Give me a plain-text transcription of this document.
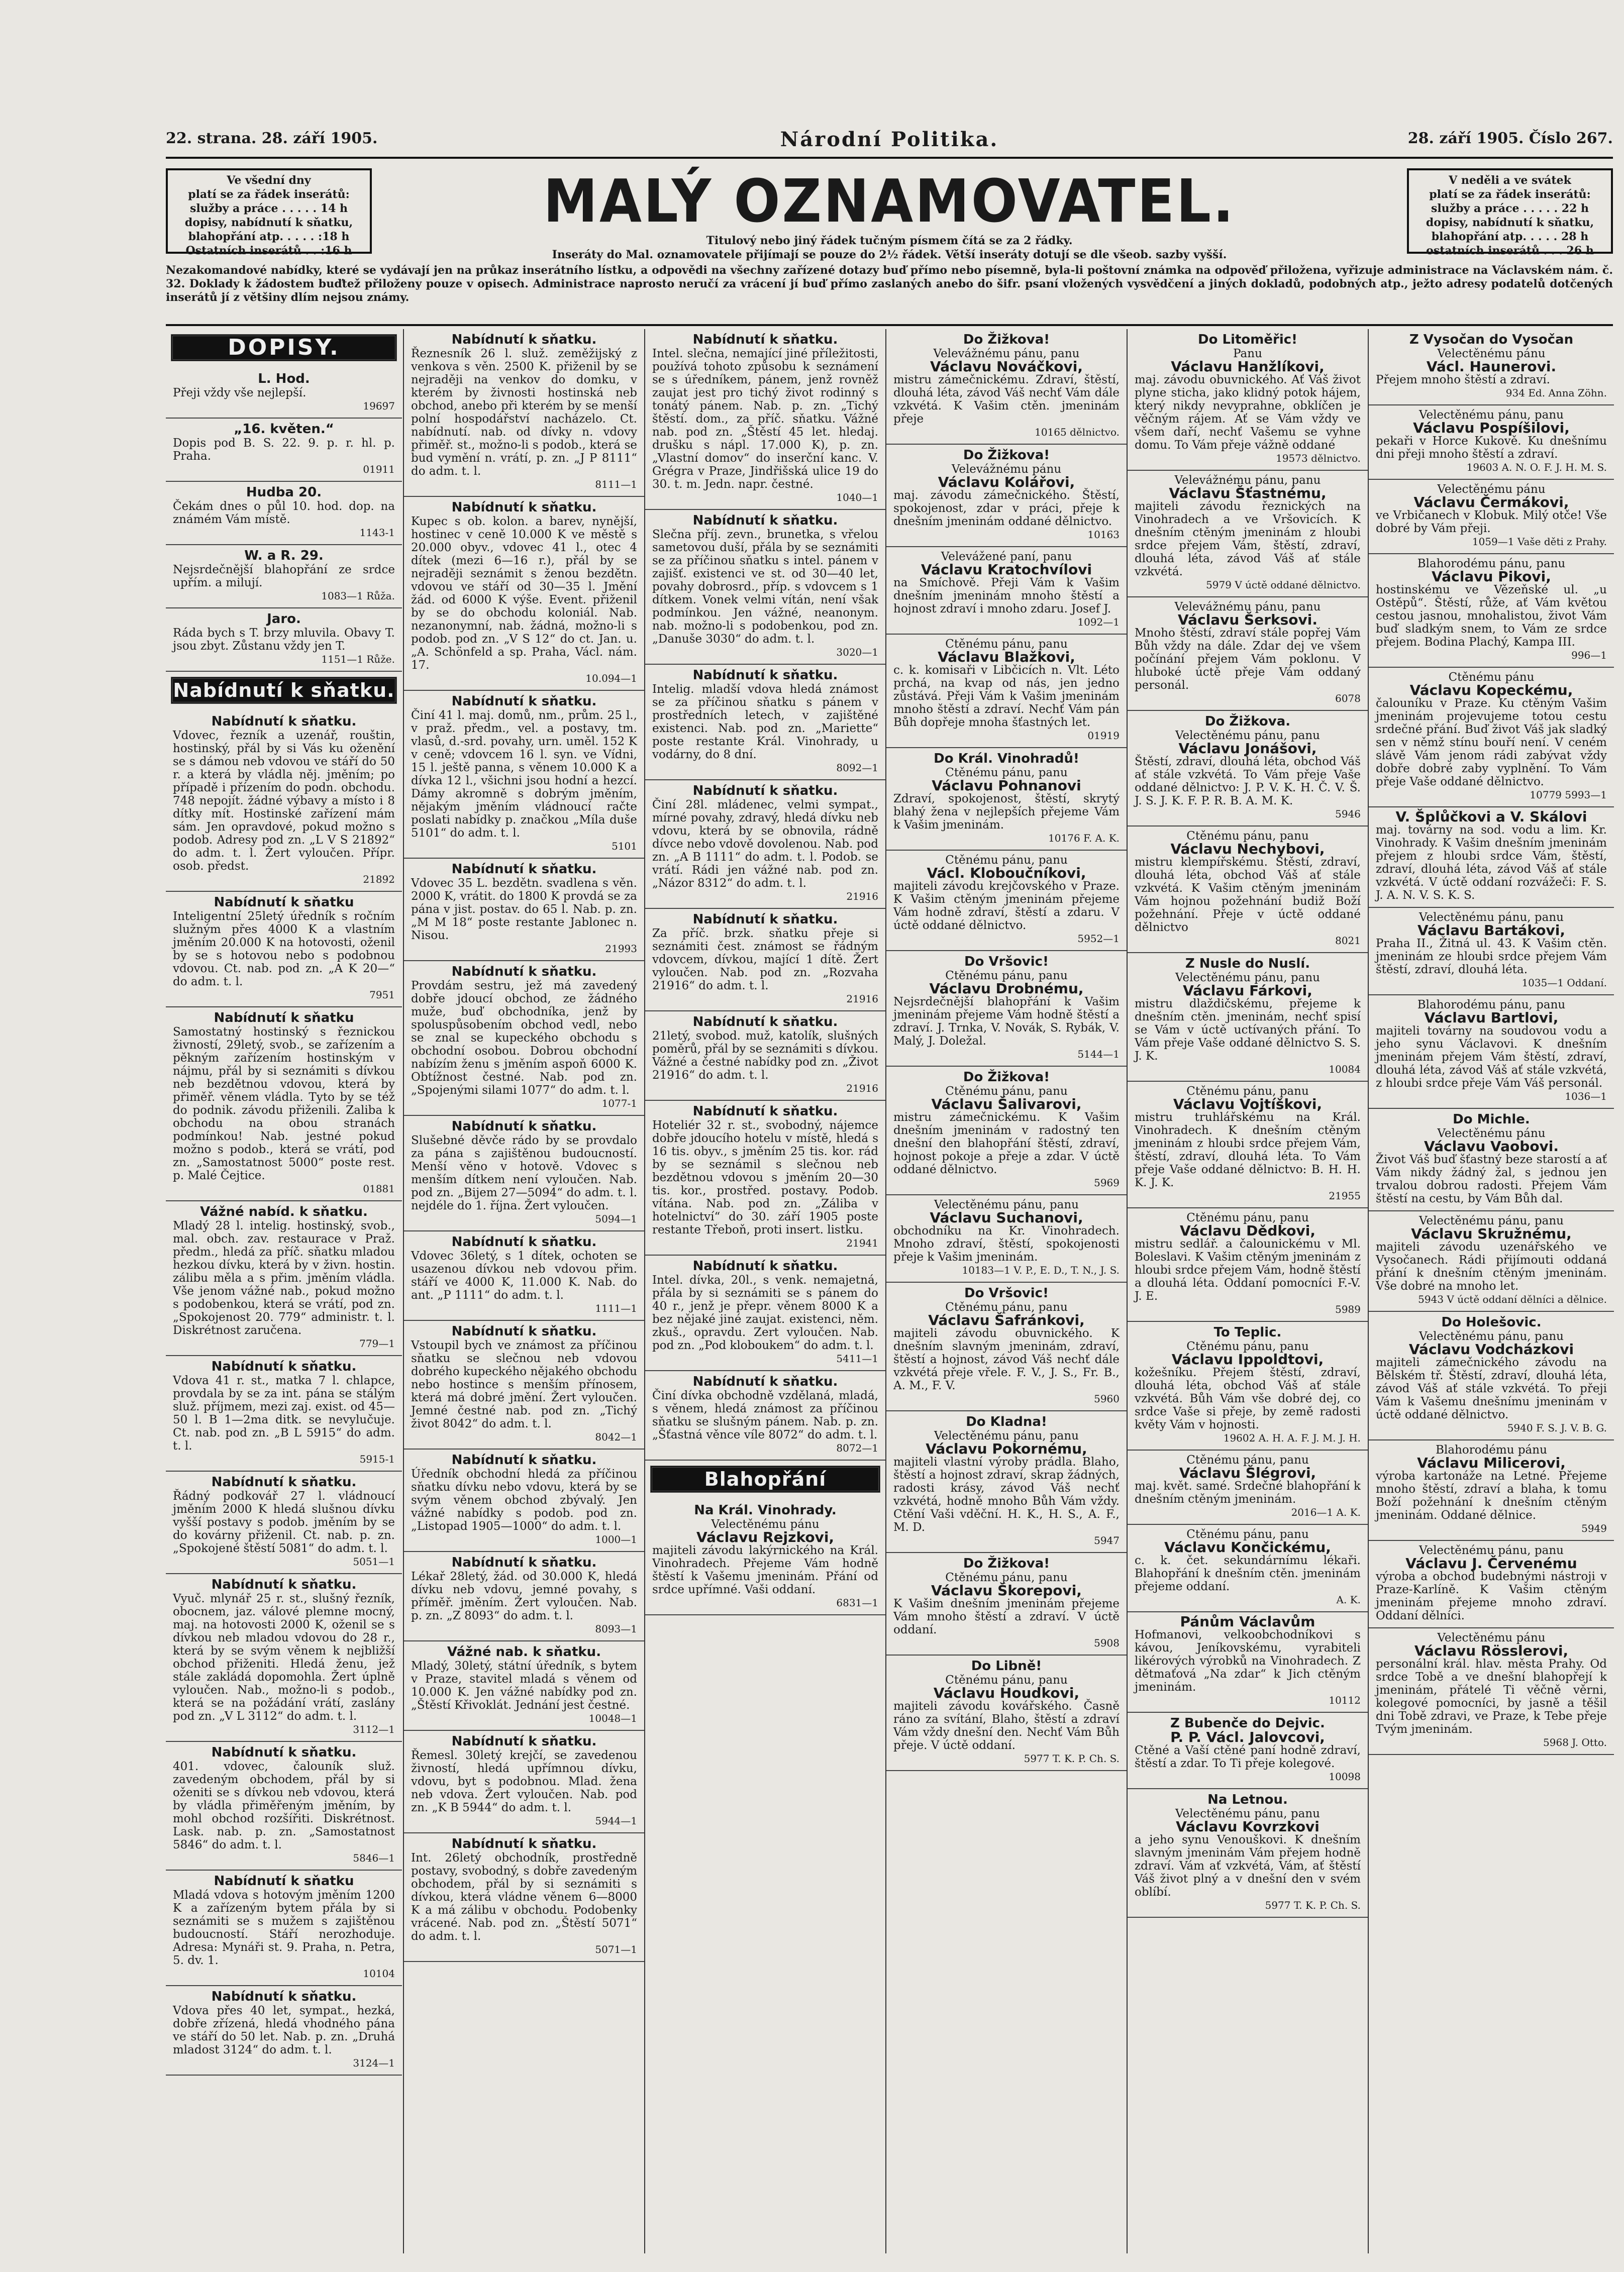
22. strana. 28. září 1905.	Národní Politika.	28. září 1905. Číslo 267.
Ve všední dny
platí se za řádek inserátů:
služby a práce . . . . . 14 h
dopisy, nabídnutí k sňatku,
blahopřání atp. . . . . :18 h
Ostatních inserátů . . :16 h
MALÝ OZNAMOVATEL.
Titulový nebo jiný řádek tučným písmem čítá se za 2 řádky.
Inseráty do Mal. oznamovatele přijímají se pouze do 2½ řádek. Větší inseráty dotují se dle všeob. sazby vyšší.
V neděli a ve svátek
platí se za řádek inserátů:
služby a práce . . . . . 22 h
dopisy, nabídnutí k sňatku,
blahopřání atp. . . . . 28 h
ostatních inserátů . . . 26 h
Nezakomandové nabídky, které se vydávají jen na průkaz inserátního lístku, a odpovědi na všechny zařízené dotazy buď přímo nebo písemně, byla-li poštovní známka na odpověď přiložena, vyřizuje administrace na Václavském nám. č. 32. Doklady k žádostem buďtež přiloženy pouze v opisech. Administrace naprosto neručí za vrácení jí buď přímo zaslaných anebo do šifr. psaní vložených vysvědčení a jiných dokladů, podobných atp., ježto adresy podatelů dotčených inserátů jí z většiny dlím nejsou známy.
DOPISY.
L. Hod.
Přeji vždy vše nejlepší.
19697
„16. květen.“
Dopis pod B. S. 22. 9. p. r. hl. p. Praha.
01911
Hudba 20.
Čekám dnes o půl 10. hod. dop. na známém Vám místě.
1143-1
W. a R. 29.
Nejsrdečnější blahopřání ze srdce upřím. a milují.
1083—1 Růža.
Jaro.
Ráda bych s T. brzy mluvila. Obavy T. jsou zbyt. Zůstanu vždy jen T.
1151—1 Růže.
Nabídnutí k sňatku.
Nabídnutí k sňatku.
Vdovec, řezník a uzenář, rouštin, hostinský, přál by si Vás ku oženění se s dámou neb vdovou ve stáří do 50 r. a která by vládla něj. jměním; po případě i přízením do podn. obchodu. 748 nepojít. žádné výbavy a místo i 8 dítky mít. Hostinské zařízení mám sám. Jen opravdové, pokud možno s podob. Adresy pod zn. „L V S 21892“ do adm. t. l. Žert vyloučen. Přípr. osob. předst.
21892
Nabídnutí k sňatku
Inteligentní 25letý úředník s ročním služným přes 4000 K a vlastním jměním 20.000 K na hotovosti, oženil by se s hotovou nebo s podobnou vdovou. Ct. nab. pod zn. „A K 20—“ do adm. t. l.
7951
Nabídnutí k sňatku
Samostatný hostinský s řeznickou živností, 29letý, svob., se zařízením a pěkným zařízením hostinským v nájmu, přál by si seznámiti s dívkou neb bezdětnou vdovou, která by přiměř. věnem vládla. Tyto by se též do podnik. závodu přiženili. Zaliba k obchodu na obou stranách podmínkou! Nab. jestné pokud možno s podob., která se vrátí, pod zn. „Samostatnost 5000“ poste rest. p. Malé Čejtice.
01881
Vážné nabíd. k sňatku.
Mladý 28 l. intelig. hostinský, svob., mal. obch. zav. restaurace v Praž. předm., hledá za příč. sňatku mladou hezkou dívku, která by v živn. hostin. zálibu měla a s přim. jměním vládla. Vše jenom vážné nab., pokud možno s podobenkou, která se vrátí, pod zn. „Spokojenost 20. 779“ administr. t. l. Diskrétnost zaručena.
779—1
Nabídnutí k sňatku.
Vdova 41 r. st., matka 7 l. chlapce, provdala by se za int. pána se stálým služ. příjmem, mezi zaj. exist. od 45—50 l. B 1—2ma ditk. se nevylučuje. Ct. nab. pod zn. „B L 5915“ do adm. t. l.
5915-1
Nabídnutí k sňatku.
Řádný podkovář 27 l. vládnoucí jměním 2000 K hledá slušnou dívku vyšší postavy s podob. jměním by se do kovárny přiženil. Ct. nab. p. zn. „Spokojené štěstí 5081“ do adm. t. l.
5051—1
Nabídnutí k sňatku.
Vyuč. mlynář 25 r. st., slušný řezník, obocnem, jaz. válové plemne mocný, maj. na hotovosti 2000 K, oženil se s dívkou neb mladou vdovou do 28 r., která by se svým věnem k nejbližší obchod přiženiti. Hledá ženu, jež stále zakládá dopomohla. Žert úplně vyloučen. Nab., možno-li s podob., která se na požádání vrátí, zaslány pod zn. „V L 3112“ do adm. t. l.
3112—1
Nabídnutí k sňatku.
401. vdovec, čalouník služ. zavedeným obchodem, přál by si oženiti se s dívkou neb vdovou, která by vládla přiměřeným jměním, by mohl obchod rozšířiti. Diskrétnost. Lask. nab. p. zn. „Samostatnost 5846“ do adm. t. l.
5846—1
Nabídnutí k sňatku
Mladá vdova s hotovým jměním 1200 K a zařízeným bytem přála by si seznámiti se s mužem s zajištěnou budoucností. Stáří nerozhoduje. Adresa: Mynáři st. 9. Praha, n. Petra, 5. dv. 1.
10104
Nabídnutí k sňatku.
Vdova přes 40 let, sympat., hezká, dobře zřízená, hledá vhodného pána ve stáří do 50 let. Nab. p. zn. „Druhá mladost 3124“ do adm. t. l.
3124—1
Nabídnutí k sňatku.
Řeznesník 26 l. služ. zeměžijský z venkova s věn. 2500 K. přiženil by se nejraději na venkov do domku, v kterém by živnosti hostinská neb obchod, anebo při kterém by se menší polní hospodářství nacházelo. Ct. nabídnutí. nab. od dívky n. vdovy přiměř. st., možno-li s podob., která se bud vymění n. vrátí, p. zn. „J P 8111“ do adm. t. l.
8111—1
Nabídnutí k sňatku.
Kupec s ob. kolon. a barev, nynější, hostinec v ceně 10.000 K ve městě s 20.000 obyv., vdovec 41 l., otec 4 dítek (mezi 6—16 r.), přál by se nejraději seznámit s ženou bezdětn. vdovou ve stáří od 30—35 l. Jmění žád. od 6000 K výše. Event. přiženil by se do obchodu koloniál. Nab. nezanonymní, nab. žádná, možno-li s podob. pod zn. „V S 12“ do ct. Jan. u. „A. Schönfeld a sp. Praha, Václ. nám. 17.
10.094—1
Nabídnutí k sňatku.
Činí 41 l. maj. domů, nm., prům. 25 l., v praž. předm., vel. a postavy, tm. vlasů, d.-srd. povahy, urn. uměl. 152 K v ceně; vdovcem 16 l. syn. ve Vídni, 15 l. ještě panna, s věnem 10.000 K a dívka 12 l., všichni jsou hodní a hezcí. Dámy akromně s dobrým jměním, nějakým jměním vládnoucí račte poslati nabídky p. značkou „Míla duše 5101“ do adm. t. l.
5101
Nabídnutí k sňatku.
Vdovec 35 L. bezdětn. svadlena s věn. 2000 K, vrátit. do 1800 K provdá se za pána v jist. postav. do 65 l. Nab. p. zn. „M M 18“ poste restante Jablonec n. Nisou.
21993
Nabídnutí k sňatku.
Provdám sestru, jež má zavedený dobře jdoucí obchod, ze žádného muže, buď obchodníka, jenž by spoluspůsobením obchod vedl, nebo se znal se kupeckého obchodu s obchodní osobou. Dobrou obchodní nabízím ženu s jměním aspoň 6000 K. Obtížnost čestné. Nab. pod zn. „Spojenými silami 1077“ do adm. t. l.
1077-1
Nabídnutí k sňatku.
Slušebné děvče rádo by se provdalo za pána s zajištěnou budoucností. Menší věno v hotově. Vdovec s menším dítkem není vyloučen. Nab. pod zn. „Bijem 27—5094“ do adm. t. l. nejdéle do 1. října. Žert vyloučen.
5094—1
Nabídnutí k sňatku.
Vdovec 36letý, s 1 dítek, ochoten se usazenou dívkou neb vdovou přim. stáří ve 4000 K, 11.000 K. Nab. do ant. „P 1111“ do adm. t. l.
1111—1
Nabídnutí k sňatku.
Vstoupil bych ve známost za příčinou sňatku se slečnou neb vdovou dobrého kupeckého nějakého obchodu nebo hostince s menším přínosem, která má dobré jmění. Žert vyloučen. Jemné čestné nab. pod zn. „Tichý život 8042“ do adm. t. l.
8042—1
Nabídnutí k sňatku.
Úředník obchodní hledá za příčinou sňatku dívku nebo vdovu, která by se svým věnem obchod zbývalý. Jen vážné nabídky s podob. pod zn. „Listopad 1905—1000“ do adm. t. l.
1000—1
Nabídnutí k sňatku.
Lékař 28letý, žád. od 30.000 K, hledá dívku neb vdovu, jemné povahy, s příměř. jměním. Žert vyloučen. Nab. p. zn. „Z 8093“ do adm. t. l.
8093—1
Vážné nab. k sňatku.
Mladý, 30letý, státní úředník, s bytem v Praze, stavitel mladá s věnem od 10.000 K. Jen vážné nabídky pod zn. „Štěstí Křivoklát. Jednání jest čestné.
10048—1
Nabídnutí k sňatku.
Řemesl. 30letý krejčí, se zavedenou živností, hledá upřímnou dívku, vdovu, byt s podobnou. Mlad. žena neb vdova. Žert vyloučen. Nab. pod zn. „K B 5944“ do adm. t. l.
5944—1
Nabídnutí k sňatku.
Int. 26letý obchodník, prostředně postavy, svobodný, s dobře zavedeným obchodem, přál by si seznámiti s dívkou, která vládne věnem 6—8000 K a má zálibu v obchodu. Podobenky vrácené. Nab. pod zn. „Štěstí 5071“ do adm. t. l.
5071—1
Nabídnutí k sňatku.
Intel. slečna, nemající jiné příležitosti, používá tohoto způsobu k seznámení se s úředníkem, pánem, jenž rovněž zaujat jest pro tichý život rodinný s tonátý pánem. Nab. p. zn. „Tichý štěstí. dom., za příč. sňatku. Vážné nab. pod zn. „Štěstí 45 let. hledaj. drušku s nápl. 17.000 K), p. zn. „Vlastní domov“ do inserční kanc. V. Grégra v Praze, Jindřišská ulice 19 do 30. t. m. Jedn. napr. čestné.
1040—1
Nabídnutí k sňatku.
Slečna příj. zevn., brunetka, s vřelou sametovou duší, přála by se seznámiti se za příčinou sňatku s intel. pánem v zajišť. existenci ve st. od 30—40 let, povahy dobrosrd., příp. s vdovcem s 1 dítkem. Vonek velmi vítán, není však podmínkou. Jen vážné, neanonym. nab. možno-li s podobenkou, pod zn. „Danuše 3030“ do adm. t. l.
3020—1
Nabídnutí k sňatku.
Intelig. mladší vdova hledá známost se za příčinou sňatku s pánem v prostředních letech, v zajištěné existenci. Nab. pod zn. „Mariette“ poste restante Král. Vinohrady, u vodárny, do 8 dní.
8092—1
Nabídnutí k sňatku.
Činí 28l. mládenec, velmi sympat., mírné povahy, zdravý, hledá dívku neb vdovu, která by se obnovila, rádně dívce nebo vdově dovolenou. Nab. pod zn. „A B 1111“ do adm. t. l. Podob. se vrátí. Rádi jen vážné nab. pod zn. „Názor 8312“ do adm. t. l.
21916
Nabídnutí k sňatku.
Za příč. brzk. sňatku přeje si seznámiti čest. známost se řádným vdovcem, dívkou, mající 1 dítě. Žert vyloučen. Nab. pod zn. „Rozvaha 21916“ do adm. t. l.
21916
Nabídnutí k sňatku.
21letý, svobod. muž, katolík, slušných poměrů, přál by se seznámiti s dívkou. Vážné a čestné nabídky pod zn. „Život 21916“ do adm. t. l.
21916
Nabídnutí k sňatku.
Hoteliér 32 r. st., svobodný, nájemce dobře jdoucího hotelu v místě, hledá s 16 tis. obyv., s jměním 25 tis. kor. rád by se seznámil s slečnou neb bezdětnou vdovou s jměním 20—30 tis. kor., prostřed. postavy. Podob. vítána. Nab. pod zn. „Záliba v hotelnictví“ do 30. září 1905 poste restante Třeboň, proti insert. listku.
21941
Nabídnutí k sňatku.
Intel. dívka, 20l., s venk. nemajetná, přála by si seznámiti se s pánem do 40 r., jenž je přepr. věnem 8000 K a bez nějaké jiné zaujat. existenci, něm. zkuš., opravdu. Zert vyloučen. Nab. pod zn. „Pod kloboukem“ do adm. t. l.
5411—1
Nabídnutí k sňatku.
Činí dívka obchodně vzdělaná, mladá, s věnem, hledá známost za příčinou sňatku se slušným pánem. Nab. p. zn. „Šťastná věnce víle 8072“ do adm. t. l.
8072—1
Blahopřání
Na Král. Vinohrady.
Velectěnému pánu
Václavu Rejzkovi,
majiteli závodu lakýrnického na Král. Vinohradech. Přejeme Vám hodně štěstí k Vašemu jmeninám. Přání od srdce upřímné. Vaši oddaní.
6831—1
Do Žižkova!
Velevážnému pánu, panu
Václavu Nováčkovi,
mistru zámečnickému. Zdraví, štěstí, dlouhá léta, závod Váš nechť Vám dále vzkvétá. K Vašim ctěn. jmeninám přeje
10165 dělnictvo.
Do Žižkova!
Velevážnému pánu
Václavu Kolářovi,
maj. závodu zámečnického. Štěstí, spokojenost, zdar v práci, přeje k dnešním jmeninám oddané dělnictvo.
10163
Velevážené paní, panu
Václavu Kratochvílovi
na Smíchově. Přeji Vám k Vašim dnešním jmeninám mnoho štěstí a hojnost zdraví i mnoho zdaru. Josef J.
1092—1
Ctěnému pánu, panu
Václavu Blažkovi,
c. k. komisaři v Libčicích n. Vlt. Léto prchá, na kvap od nás, jen jedno zůstává. Přeji Vám k Vašim jmeninám mnoho štěstí a zdraví. Nechť Vám pán Bůh dopřeje mnoha šťastných let.
01919
Do Král. Vinohradů!
Ctěnému pánu, panu
Václavu Pohnanovi
Zdraví, spokojenost, štěstí, skrytý blahý žena v nejlepších přejeme Vám k Vašim jmeninám.
10176 F. A. K.
Ctěnému pánu, panu
Václ. Kloboučníkovi,
majiteli závodu krejčovského v Praze. K Vašim ctěným jmeninám přejeme Vám hodně zdraví, štěstí a zdaru. V úctě oddané dělnictvo.
5952—1
Do Vršovic!
Ctěnému pánu, panu
Václavu Drobnému,
Nejsrdečnější blahopřání k Vašim jmeninám přejeme Vám hodně štěstí a zdraví. J. Trnka, V. Novák, S. Rybák, V. Malý, J. Doležal.
5144—1
Do Žižkova!
Ctěnému pánu, panu
Václavu Šalivarovi,
mistru zámečnickému. K Vašim dnešním jmeninám v radostný ten dnešní den blahopřání štěstí, zdraví, hojnost pokoje a přeje a zdar. V úctě oddané dělnictvo.
5969
Velectěnému pánu, panu
Václavu Suchanovi,
obchodníku na Kr. Vinohradech. Mnoho zdraví, štěstí, spokojenosti přeje k Vašim jmeninám.
10183—1 V. P., E. D., T. N., J. S.
Do Vršovic!
Ctěnému pánu, panu
Václavu Šafránkovi,
majiteli závodu obuvnického. K dnešním slavným jmeninám, zdraví, štěstí a hojnost, závod Váš nechť dále vzkvétá přeje vřele. F. V., J. S., Fr. B., A. M., F. V.
5960
Do Kladna!
Velectěnému pánu, panu
Václavu Pokornému,
majiteli vlastní výroby prádla. Blaho, štěstí a hojnost zdraví, skrap žádných, radosti krásy, závod Váš nechť vzkvétá, hodně mnoho Bůh Vám vždy. Ctění Vaši vděční. H. K., H. S., A. F., M. D.
5947
Do Žižkova!
Ctěnému pánu, panu
Václavu Škorepovi,
K Vašim dnešním jmeninám přejeme Vám mnoho štěstí a zdraví. V úctě oddaní.
5908
Do Libně!
Ctěnému pánu, panu
Václavu Houdkovi,
majiteli závodu kovářského. Časně ráno za svítání, Blaho, štěstí a zdraví Vám vždy dnešní den. Nechť Vám Bůh přeje. V úctě oddaní.
5977 T. K. P. Ch. S.
Do Litoměřic!
Panu
Václavu Hanžlíkovi,
maj. závodu obuvnického. Ať Váš život plyne sticha, jako klidný potok hájem, který nikdy nevyprahne, obklíčen je věčným rájem. Ať se Vám vždy ve všem daří, nechť Vašemu se vyhne domu. To Vám přeje vážně oddané
19573 dělnictvo.
Velevážnému pánu, panu
Václavu Šťastnému,
majiteli závodu řeznických na Vinohradech a ve Vršovicích. K dnešním ctěným jmeninám z hloubi srdce přejem Vám, štěstí, zdraví, dlouhá léta, závod Váš ať stále vzkvétá.
5979 V úctě oddané dělnictvo.
Velevážnému pánu, panu
Václavu Šerksovi.
Mnoho štěstí, zdraví stále popřej Vám Bůh vždy na dále. Zdar dej ve všem počínání přejem Vám poklonu. V hluboké úctě přeje Vám oddaný personál.
6078
Do Žižkova.
Velectěnému pánu, panu
Václavu Jonášovi,
Štěstí, zdraví, dlouhá léta, obchod Váš ať stále vzkvétá. To Vám přeje Vaše oddané dělnictvo: J. P. V. K. H. Č. V. Š. J. S. J. K. F. P. R. B. A. M. K.
5946
Ctěnému pánu, panu
Václavu Nechybovi,
mistru klempířskému. Štěstí, zdraví, dlouhá léta, obchod Váš ať stále vzkvétá. K Vašim ctěným jmeninám Vám hojnou požehnání budiž Boží požehnání. Přeje v úctě oddané dělnictvo
8021
Z Nusle do Nuslí.
Velectěnému pánu, panu
Václavu Fárkovi,
mistru dlaždičskému, přejeme k dnešním ctěn. jmeninám, nechť spisí se Vám v úctě uctívaných přání. To Vám přeje Vaše oddané dělnictvo S. S. J. K.
10084
Ctěnému pánu, panu
Václavu Vojtíškovi,
mistru truhlářskému na Král. Vinohradech. K dnešním ctěným jmeninám z hloubi srdce přejem Vám, štěstí, zdraví, dlouhá léta. To Vám přeje Vaše oddané dělnictvo: B. H. H. K. J. K.
21955
Ctěnému pánu, panu
Václavu Dědkovi,
mistru sedlář. a čalounickému v Ml. Boleslavi. K Vašim ctěným jmeninám z hloubi srdce přejem Vám, hodně štěstí a dlouhá léta. Oddaní pomocníci F.-V. J. E.
5989
To Teplic.
Ctěnému pánu, panu
Václavu Ippoldtovi,
kožešníku. Přejem štěstí, zdraví, dlouhá léta, obchod Váš ať stále vzkvétá. Bůh Vám vše dobré dej, co srdce Vaše si přeje, by země radosti květy Vám v hojnosti.
19602 A. H. A. F. J. M. J. H.
Ctěnému pánu, panu
Václavu Šlégrovi,
maj. květ. samé. Srdečné blahopřání k dnešním ctěným jmeninám.
2016—1 A. K.
Ctěnému pánu, panu
Václavu Končickému,
c. k. čet. sekundárnímu lékaři. Blahopřání k dnešním ctěn. jmeninám přejeme oddaní.
A. K.
Pánům Václavům
Hofmanovi, velkoobchodníkovi s kávou, Jeníkovskému, vyrabiteli likérových výrobků na Vinohradech. Z dětmaťová „Na zdar“ k Jich ctěným jmeninám.
10112
Z Bubenče do Dejvic.
P. P. Václ. Jalovcovi,
Ctěné a Vaší ctěné paní hodně zdraví, štěstí a zdar. To Ti přeje kolegové.
10098
Na Letnou.
Velectěnému pánu, panu
Václavu Kovrzkovi
a jeho synu Venouškovi. K dnešním slavným jmeninám Vám přejem hodně zdraví. Vám ať vzkvétá, Vám, ať štěstí Váš život plný a v dnešní den v svém oblíbí.
5977 T. K. P. Ch. S.
Z Vysočan do Vysočan
Velectěnému pánu
Václ. Haunerovi.
Přejem mnoho štěstí a zdraví.
934 Ed. Anna Zöhn.
Velectěnému pánu, panu
Václavu Pospíšilovi,
pekaři v Horce Kukově. Ku dnešnímu dni přeji mnoho štěstí a zdraví.
19603 A. N. O. F. J. H. M. S.
Velectěnému pánu
Václavu Čermákovi,
ve Vrbičanech v Klobuk. Milý otče! Vše dobré by Vám přeji.
1059—1 Vaše děti z Prahy.
Blahorodému pánu, panu
Václavu Pikovi,
hostinskému ve Vězeňské ul. „u Ostěpů“. Štěstí, růže, ať Vám květou cestou jasnou, mnohalistou, život Vám buď sladkým snem, to Vám ze srdce přejem. Bodina Plachý, Kampa III.
996—1
Ctěnému pánu
Václavu Kopeckému,
čalouníku v Praze. Ku ctěným Vašim jmeninám projevujeme totou cestu srdečné přání. Buď život Váš jak sladký sen v němž stínu bouří není. V ceném slávě Vám jenom rádi zabývat vždy dobře dobré zaby vyplnění. To Vám přeje Vaše oddané dělnictvo.
10779 5993—1
V. Šplůčkovi a V. Skálovi
maj. továrny na sod. vodu a lim. Kr. Vinohrady. K Vašim dnešním jmeninám přejem z hloubi srdce Vám, štěstí, zdraví, dlouhá léta, závod Váš ať stále vzkvétá. V úctě oddaní rozvážeči: F. S. J. A. N. V. S. K. S.
Velectěnému pánu, panu
Václavu Bartákovi,
Praha II., Žitná ul. 43. K Vašim ctěn. jmeninám ze hloubi srdce přejem Vám štěstí, zdraví, dlouhá léta.
1035—1 Oddaní.
Blahorodému pánu, panu
Václavu Bartlovi,
majiteli továrny na soudovou vodu a jeho synu Václavovi. K dnešním jmeninám přejem Vám štěstí, zdraví, dlouhá léta, závod Váš ať stále vzkvétá, z hloubi srdce přeje Vám Váš personál.
1036—1
Do Michle.
Velectěnému pánu
Václavu Vaobovi.
Život Váš buď šťastný beze starostí a ať Vám nikdy žádný žal, s jednou jen trvalou dobrou radosti. Přejem Vám štěstí na cestu, by Vám Bůh dal.
Velectěnému pánu, panu
Václavu Skružnému,
majiteli závodu uzenářského ve Vysočanech. Rádi přijímouti oddaná přání k dnešním ctěným jmeninám. Vše dobré na mnoho let.
5943 V úctě oddaní dělníci a dělnice.
Do Holešovic.
Velectěnému pánu, panu
Václavu Vodcházkovi
majiteli zámečnického závodu na Bělském tř. Štěstí, zdraví, dlouhá léta, závod Váš ať stále vzkvétá. To přeji Vám k Vašemu dnešnímu jmeninám v úctě oddané dělnictvo.
5940 F. S. J. V. B. G.
Blahorodému pánu
Václavu Milicerovi,
výroba kartonáže na Letné. Přejeme mnoho štěstí, zdraví a blaha, k tomu Boží požehnání k dnešním ctěným jmeninám. Oddané dělnice.
5949
Velectěnému pánu, panu
Václavu J. Červenému
výroba a obchod budebnými nástroji v Praze-Karlíně. K Vašim ctěným jmeninám přejeme mnoho zdraví. Oddaní dělníci.
Velectěnému pánu
Václavu Rösslerovi,
personální král. hlav. města Prahy. Od srdce Tobě a ve dnešní blahopřejí k jmeninám, přátelé Ti věčně věrni, kolegové pomocníci, by jasně a těšil dni Tobě zdravi, ve Praze, k Tebe přeje Tvým jmeninám.
5968 J. Otto.
